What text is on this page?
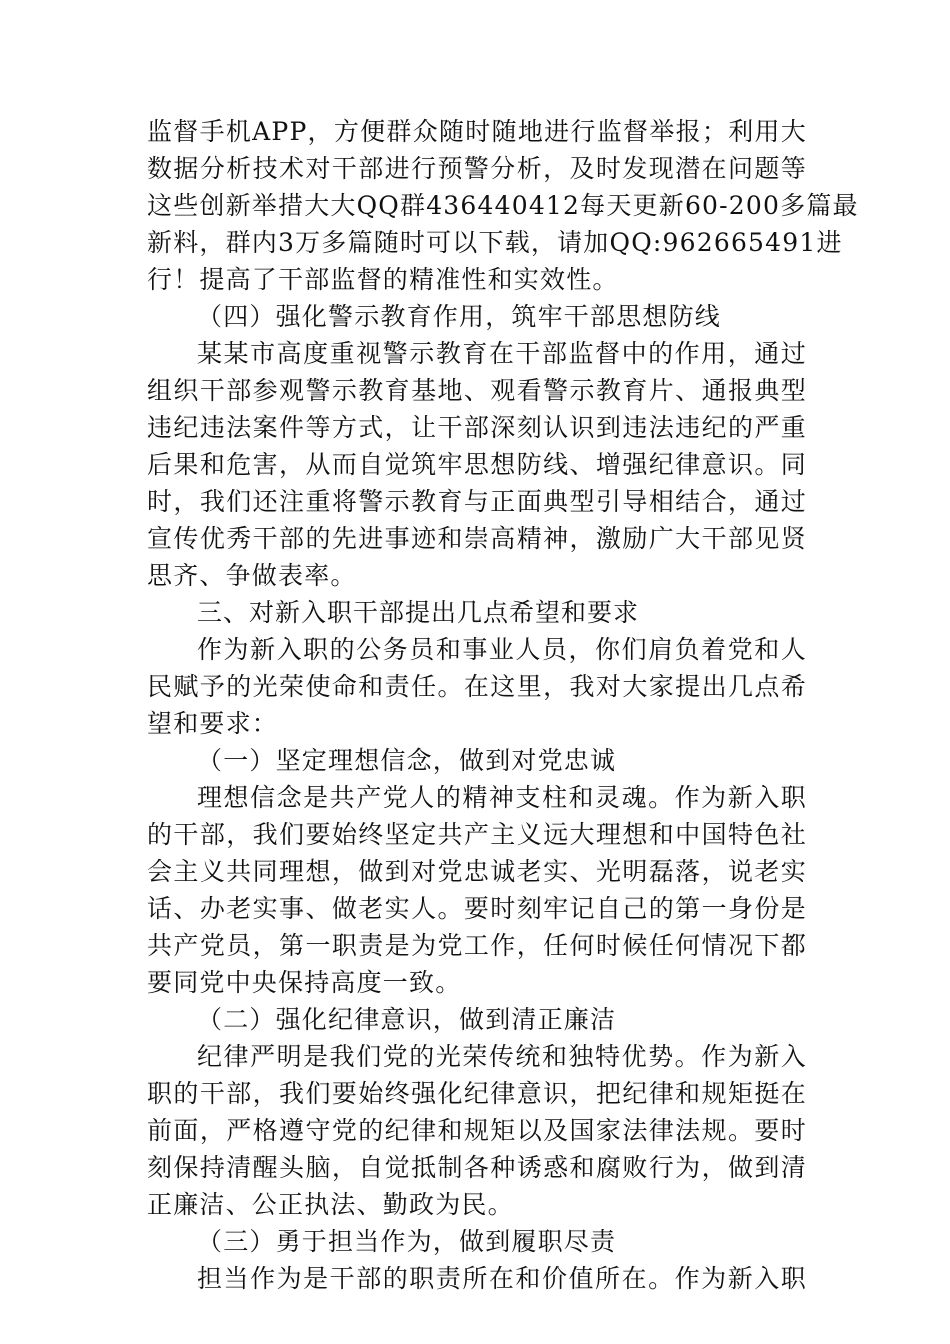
监督手机APP，方便群众随时随地进行监督举报；利用大
数据分析技术对干部进行预警分析，及时发现潜在问题等
这些创新举措大大QQ群436440412每天更新60-200多篇最
新料，群内3万多篇随时可以下载，请加QQ:962665491进
行！提高了干部监督的精准性和实效性。
（四）强化警示教育作用，筑牢干部思想防线
某某市高度重视警示教育在干部监督中的作用，通过
组织干部参观警示教育基地、观看警示教育片、通报典型
违纪违法案件等方式，让干部深刻认识到违法违纪的严重
后果和危害，从而自觉筑牢思想防线、增强纪律意识。同
时，我们还注重将警示教育与正面典型引导相结合，通过
宣传优秀干部的先进事迹和崇高精神，激励广大干部见贤
思齐、争做表率。
三、对新入职干部提出几点希望和要求
作为新入职的公务员和事业人员，你们肩负着党和人
民赋予的光荣使命和责任。在这里，我对大家提出几点希
望和要求：
（一）坚定理想信念，做到对党忠诚
理想信念是共产党人的精神支柱和灵魂。作为新入职
的干部，我们要始终坚定共产主义远大理想和中国特色社
会主义共同理想，做到对党忠诚老实、光明磊落，说老实
话、办老实事、做老实人。要时刻牢记自己的第一身份是
共产党员，第一职责是为党工作，任何时候任何情况下都
要同党中央保持高度一致。
（二）强化纪律意识，做到清正廉洁
纪律严明是我们党的光荣传统和独特优势。作为新入
职的干部，我们要始终强化纪律意识，把纪律和规矩挺在
前面，严格遵守党的纪律和规矩以及国家法律法规。要时
刻保持清醒头脑，自觉抵制各种诱惑和腐败行为，做到清
正廉洁、公正执法、勤政为民。
（三）勇于担当作为，做到履职尽责
担当作为是干部的职责所在和价值所在。作为新入职
